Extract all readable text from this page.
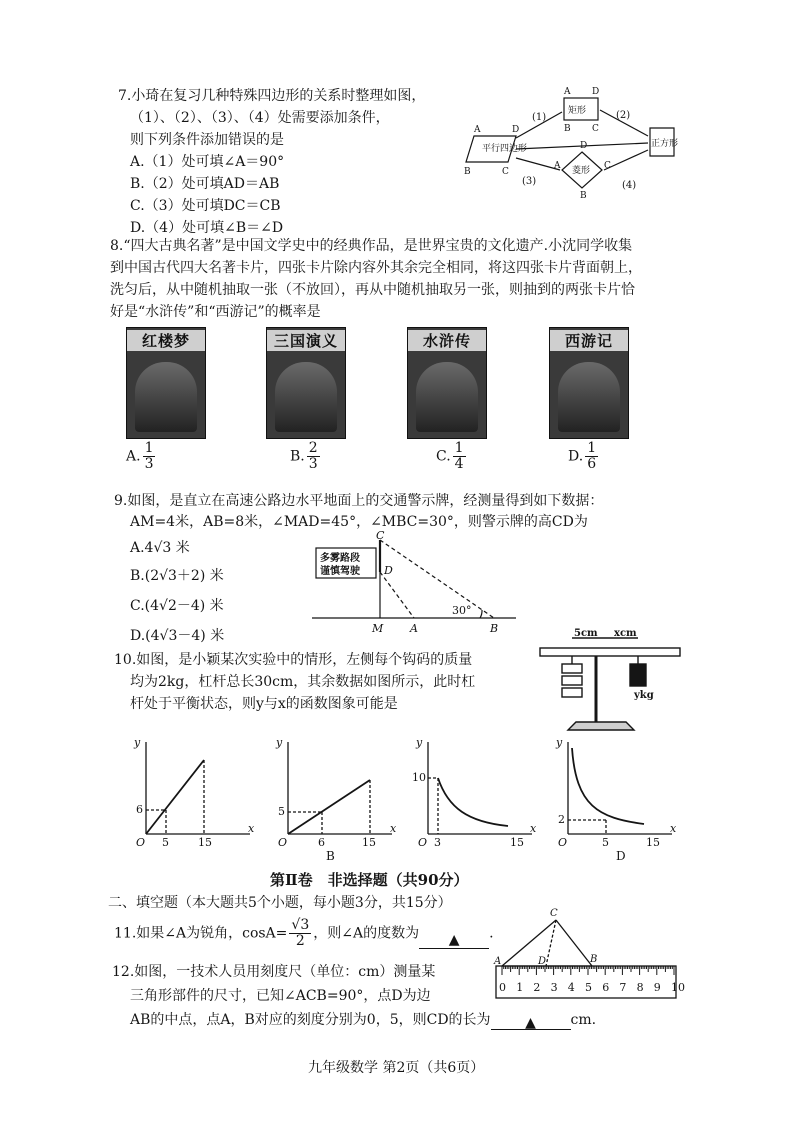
7.小琦在复习几种特殊四边形的关系时整理如图，
（1）、（2）、（3）、（4）处需要添加条件，
则下列条件添加错误的是
A.（1）处可填∠A＝90°
B.（2）处可填AD＝AB
C.（3）处可填DC＝CB
D.（4）处可填∠B＝∠D
平行四边形
矩形
菱形
正方形
(1)	(2)
(3)	(4)
A	D
B	C
A D
B C
D
A	C
B
8.“四大古典名著”是中国文学史中的经典作品，是世界宝贵的文化遗产.小沈同学收集
到中国古代四大名著卡片，四张卡片除内容外其余完全相同，将这四张卡片背面朝上，
洗匀后，从中随机抽取一张（不放回），再从中随机抽取另一张，则抽到的两张卡片恰
好是“水浒传”和“西游记”的概率是
红楼梦	三国演义	水浒传	西游记
A. $\frac{1}{3}$	B. $\frac{2}{3}$	C. $\frac{1}{4}$	D. $\frac{1}{6}$
9.如图，是直立在高速公路边水平地面上的交通警示牌，经测量得到如下数据：
AM=4米，AB=8米，∠MAD=45°，∠MBC=30°，则警示牌的高CD为
A.4√3 米
B.(2√3＋2) 米
C.(4√2－4) 米
D.(4√3－4) 米
多雾路段
谨慎驾驶
C
D
M A	B
30°
10.如图，是小颖某次实验中的情形，左侧每个钩码的质量
均为2kg，杠杆总长30cm，其余数据如图所示，此时杠
杆处于平衡状态，则y与x的函数图象可能是
5cm xcm
ykg
y
x
O
6
5	15
y
x
O
5
6	15
B
y
x
O
10
3	15
y
x
O
2
5	15
D
第Ⅱ卷　非选择题（共90分）
二、填空题（本大题共5个小题，每小题3分，共15分）
11.如果∠A为锐角，$\cos A= \frac{√3}{2}$ ，则∠A的度数为 ▲ .
12.如图，一技术人员用刻度尺（单位：cm）测量某
三角形部件的尺寸，已知∠ACB=90°，点D为边
AB的中点，点A，B对应的刻度分别为0，5，则CD的长为 ▲ cm.
A	D	B
C
0 1 2 3 4 5 6 7 8 9 10
九年级数学 第2页（共6页）
